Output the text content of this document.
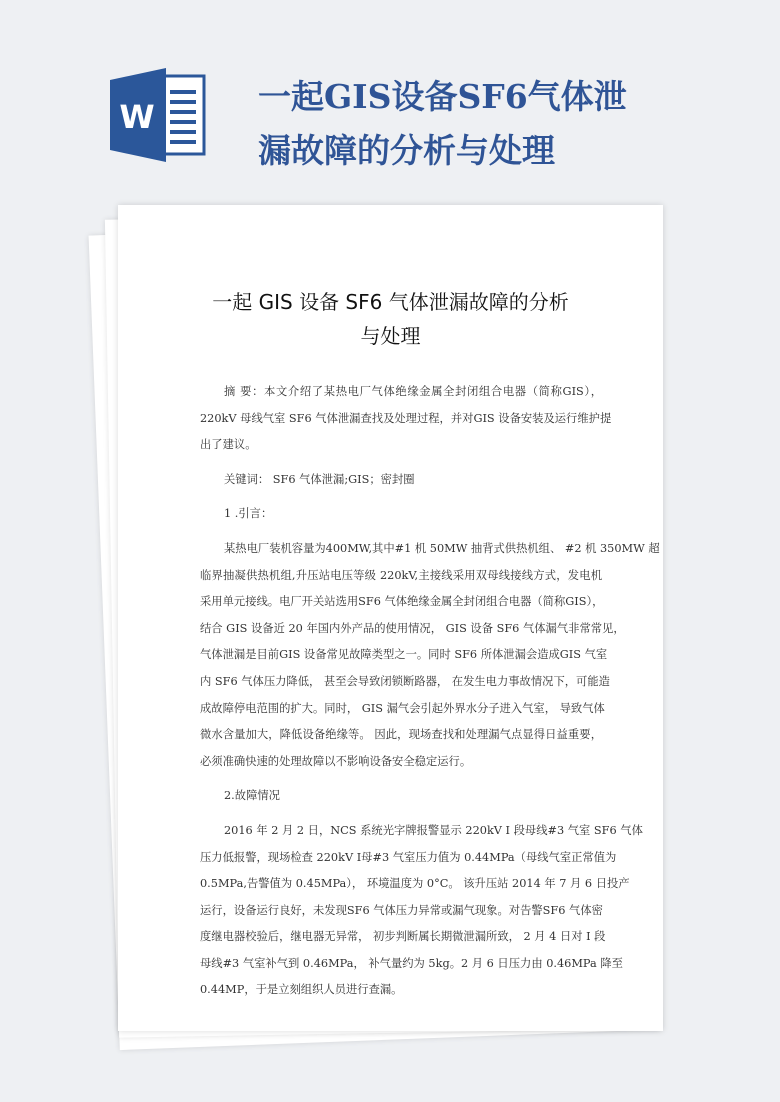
W
一起GIS设备SF6气体泄
漏故障的分析与处理
一起 GIS 设备 SF6 气体泄漏故障的分析
与处理
摘 要：本文介绍了某热电厂气体绝缘金属全封闭组合电器（简称GIS），
220kV 母线气室 SF6 气体泄漏查找及处理过程，并对GIS 设备安装及运行维护提
出了建议。
关键词： SF6 气体泄漏;GIS；密封圈
1 .引言：
某热电厂装机容量为400MW,其中#1 机 50MW 抽背式供热机组、 #2 机 350MW 超
临界抽凝供热机组,升压站电压等级 220kV,主接线采用双母线接线方式，发电机
采用单元接线。电厂开关站选用SF6 气体绝缘金属全封闭组合电器（简称GIS），
结合 GIS 设备近 20 年国内外产品的使用情况， GIS 设备 SF6 气体漏气非常常见，
气体泄漏是目前GIS 设备常见故障类型之一。同时 SF6 所体泄漏会造成GIS 气室
内 SF6 气体压力降低， 甚至会导致闭锁断路器， 在发生电力事故情况下，可能造
成故障停电范围的扩大。同时， GIS 漏气会引起外界水分子进入气室， 导致气体
微水含量加大，降低设备绝缘等。 因此，现场查找和处理漏气点显得日益重要，
必须准确快速的处理故障以不影响设备安全稳定运行。
2.故障情况
2016 年 2 月 2 日，NCS 系统光字牌报警显示 220kV I 段母线#3 气室 SF6 气体
压力低报警，现场检查 220kV Ⅰ母#3 气室压力值为 0.44MPa（母线气室正常值为
0.5MPa,告警值为 0.45MPa）， 环境温度为 0°C。 该升压站 2014 年 7 月 6 日投产
运行，设备运行良好，未发现SF6 气体压力异常或漏气现象。对告警SF6 气体密
度继电器校验后，继电器无异常， 初步判断属长期微泄漏所致， 2 月 4 日对 I 段
母线#3 气室补气到 0.46MPa， 补气量约为 5kg。2 月 6 日压力由 0.46MPa 降至
0.44MP，于是立刻组织人员进行查漏。
